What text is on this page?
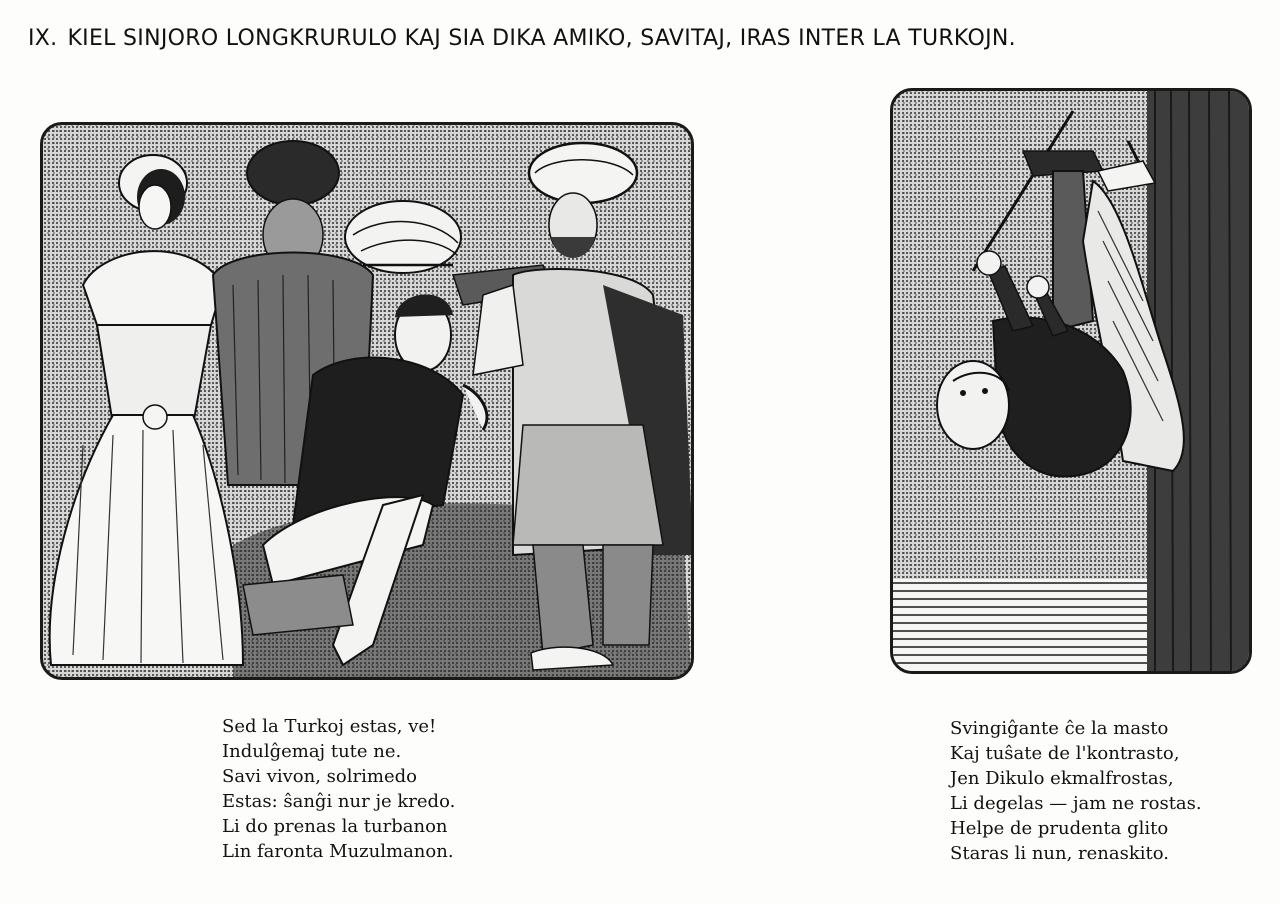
IX. KIEL SINJORO LONGKRURULO KAJ SIA DIKA AMIKO, SAVITAJ, IRAS INTER LA TURKOJN.
Sed la Turkoj estas, ve!
Indulĝemaj tute ne.
Savi vivon, solrimedo
Estas: ŝanĝi nur je kredo.
Li do prenas la turbanon
Lin faronta Muzulmanon.
Svingiĝante ĉe la masto
Kaj tuŝate de l'kontrasto,
Jen Dikulo ekmalfrostas,
Li degelas — jam ne rostas.
Helpe de prudenta glito
Staras li nun, renaskito.
